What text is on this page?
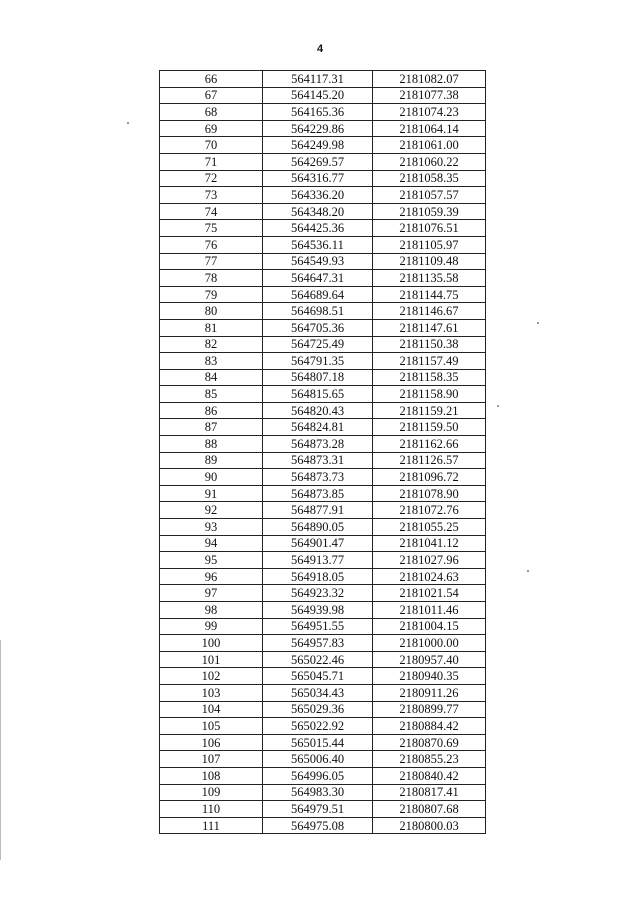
4
66	564117.31	2181082.07
67	564145.20	2181077.38
68	564165.36	2181074.23
69	564229.86	2181064.14
70	564249.98	2181061.00
71	564269.57	2181060.22
72	564316.77	2181058.35
73	564336.20	2181057.57
74	564348.20	2181059.39
75	564425.36	2181076.51
76	564536.11	2181105.97
77	564549.93	2181109.48
78	564647.31	2181135.58
79	564689.64	2181144.75
80	564698.51	2181146.67
81	564705.36	2181147.61
82	564725.49	2181150.38
83	564791.35	2181157.49
84	564807.18	2181158.35
85	564815.65	2181158.90
86	564820.43	2181159.21
87	564824.81	2181159.50
88	564873.28	2181162.66
89	564873.31	2181126.57
90	564873.73	2181096.72
91	564873.85	2181078.90
92	564877.91	2181072.76
93	564890.05	2181055.25
94	564901.47	2181041.12
95	564913.77	2181027.96
96	564918.05	2181024.63
97	564923.32	2181021.54
98	564939.98	2181011.46
99	564951.55	2181004.15
100	564957.83	2181000.00
101	565022.46	2180957.40
102	565045.71	2180940.35
103	565034.43	2180911.26
104	565029.36	2180899.77
105	565022.92	2180884.42
106	565015.44	2180870.69
107	565006.40	2180855.23
108	564996.05	2180840.42
109	564983.30	2180817.41
110	564979.51	2180807.68
111	564975.08	2180800.03
